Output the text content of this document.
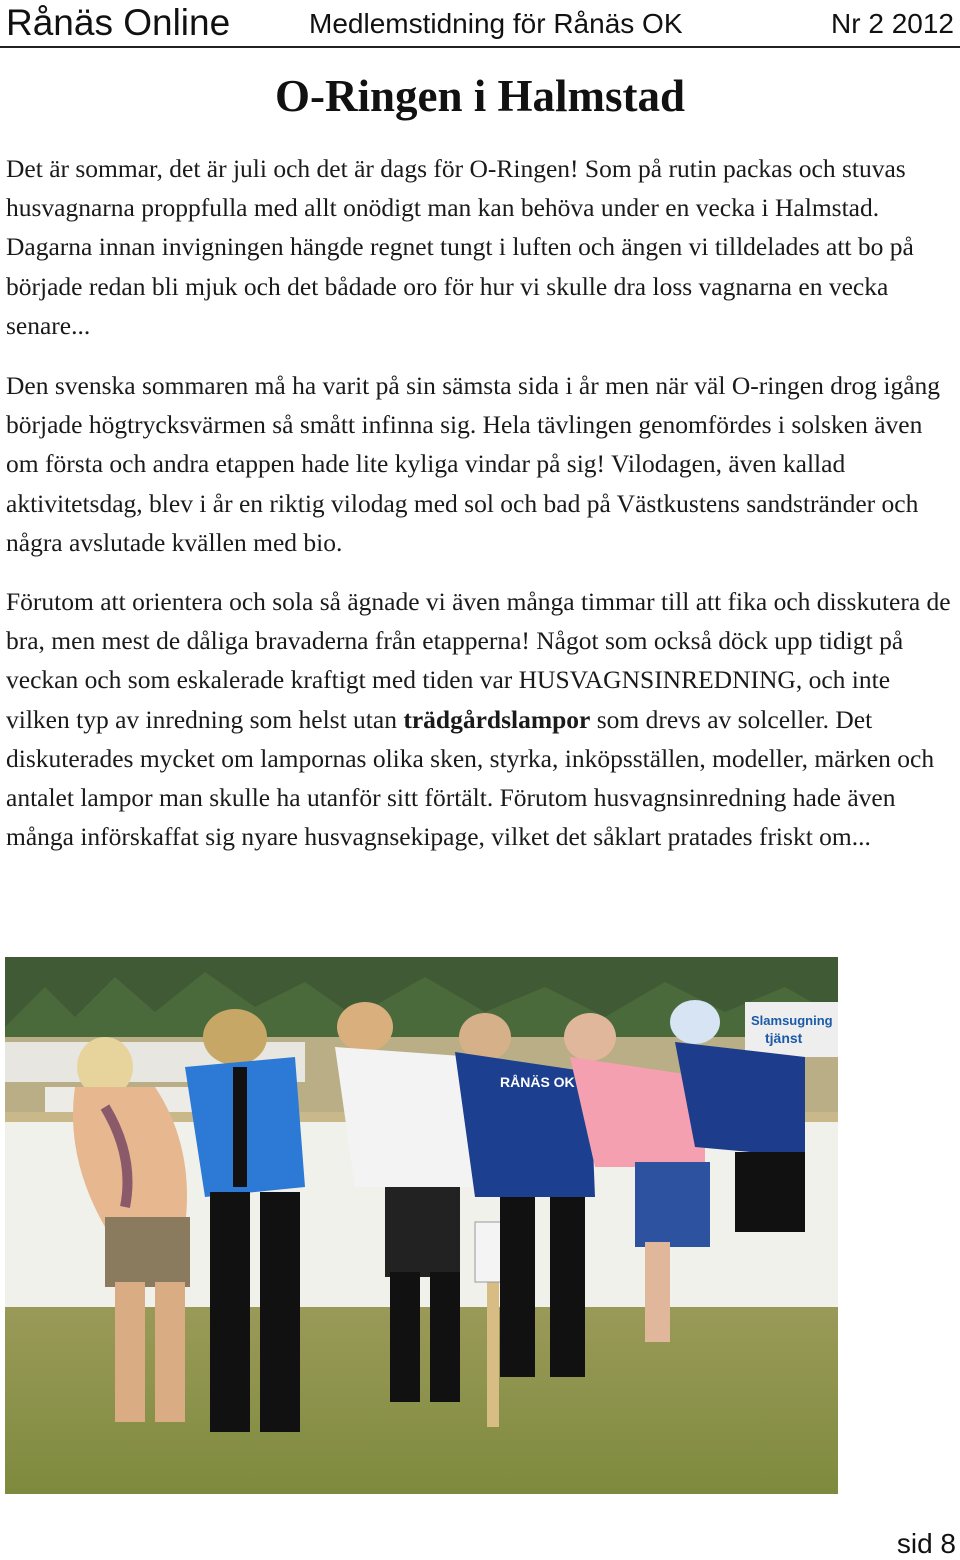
Rånäs Online	Medlemstidning för Rånäs OK	Nr 2 2012
O-Ringen i Halmstad

Det är sommar, det är juli och det är dags för O-Ringen! Som på rutin packas och stuvas husvagnarna proppfulla med allt onödigt man kan behöva under en vecka i Halmstad. Dagarna innan invigningen hängde regnet tungt i luften och ängen vi tilldelades att bo på började redan bli mjuk och det bådade oro för hur vi skulle dra loss vagnarna en vecka senare...

Den svenska sommaren må ha varit på sin sämsta sida i år men när väl O-ringen drog igång började högtrycksvärmen så smått infinna sig. Hela tävlingen genomfördes i solsken även om första och andra etappen hade lite kyliga vindar på sig! Vilodagen, även kallad aktivitetsdag, blev i år en riktig vilodag med sol och bad på Västkustens sandstränder och några avslutade kvällen med bio.

Förutom att orientera och sola så ägnade vi även många timmar till att fika och disskutera de bra, men mest de dåliga bravaderna från etapperna! Något som också döck upp tidigt på veckan och som eskalerade kraftigt med tiden var HUSVAGNSINREDNING, och inte vilken typ av inredning som helst utan trädgårdslampor som drevs av solceller. Det diskuterades mycket om lampornas olika sken, styrka, inköpsställen, modeller, märken och antalet lampor man skulle ha utanför sitt förtält. Förutom husvagnsinredning hade även många införskaffat sig nyare husvagnsekipage, vilket det såklart pratades friskt om...

Slamsugning
tjänst
RÅNÄS OK
sid 8
